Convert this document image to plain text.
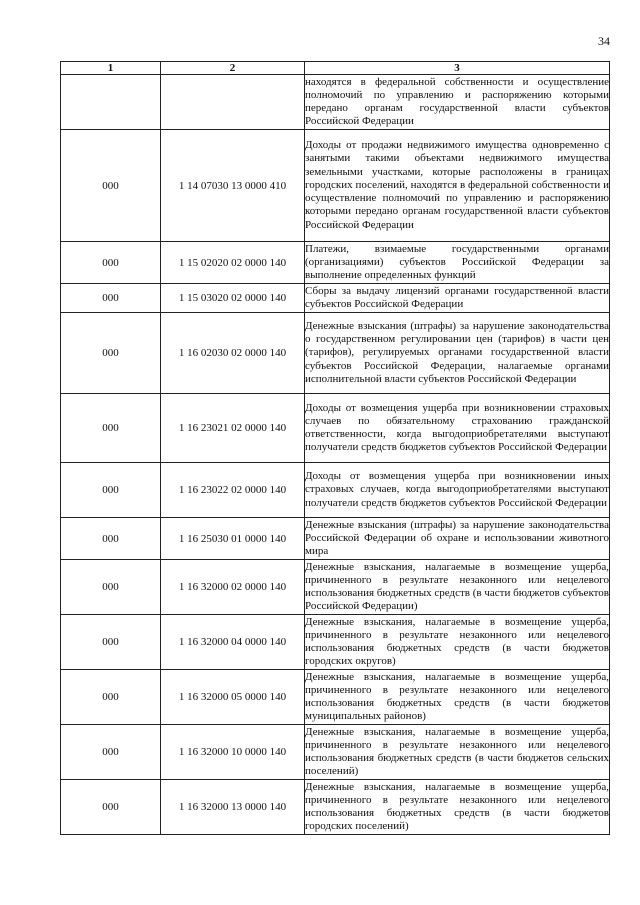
34
1	2	3
		находятся в федеральной собственности и осуществление полномочий по управлению и распоряжению которыми передано органам государственной власти субъектов Российской Федерации
000	1 14 07030 13 0000 410	Доходы от продажи недвижимого имущества одновременно с занятыми такими объектами недвижимого имущества земельными участками, которые расположены в границах городских поселений, находятся в федеральной собственности и осуществление полномочий по управлению и распоряжению которыми передано органам государственной власти субъектов Российской Федерации
000	1 15 02020 02 0000 140	Платежи, взимаемые государственными органами (организациями) субъектов Российской Федерации за выполнение определенных функций
000	1 15 03020 02 0000 140	Сборы за выдачу лицензий органами государственной власти субъектов Российской Федерации
000	1 16 02030 02 0000 140	Денежные взыскания (штрафы) за нарушение законодательства о государственном регулировании цен (тарифов) в части цен (тарифов), регулируемых органами государственной власти субъектов Российской Федерации, налагаемые органами исполнительной власти субъектов Российской Федерации
000	1 16 23021 02 0000 140	Доходы от возмещения ущерба при возникновении страховых случаев по обязательному страхованию гражданской ответственности, когда выгодоприобретателями выступают получатели средств бюджетов субъектов Российской Федерации
000	1 16 23022 02 0000 140	Доходы от возмещения ущерба при возникновении иных страховых случаев, когда выгодоприобретателями выступают получатели средств бюджетов субъектов Российской Федерации
000	1 16 25030 01 0000 140	Денежные взыскания (штрафы) за нарушение законодательства Российской Федерации об охране и использовании животного мира
000	1 16 32000 02 0000 140	Денежные взыскания, налагаемые в возмещение ущерба, причиненного в результате незаконного или нецелевого использования бюджетных средств (в части бюджетов субъектов Российской Федерации)
000	1 16 32000 04 0000 140	Денежные взыскания, налагаемые в возмещение ущерба, причиненного в результате незаконного или нецелевого использования бюджетных средств (в части бюджетов городских округов)
000	1 16 32000 05 0000 140	Денежные взыскания, налагаемые в возмещение ущерба, причиненного в результате незаконного или нецелевого использования бюджетных средств (в части бюджетов муниципальных районов)
000	1 16 32000 10 0000 140	Денежные взыскания, налагаемые в возмещение ущерба, причиненного в результате незаконного или нецелевого использования бюджетных средств (в части бюджетов сельских поселений)
000	1 16 32000 13 0000 140	Денежные взыскания, налагаемые в возмещение ущерба, причиненного в результате незаконного или нецелевого использования бюджетных средств (в части бюджетов городских поселений)
